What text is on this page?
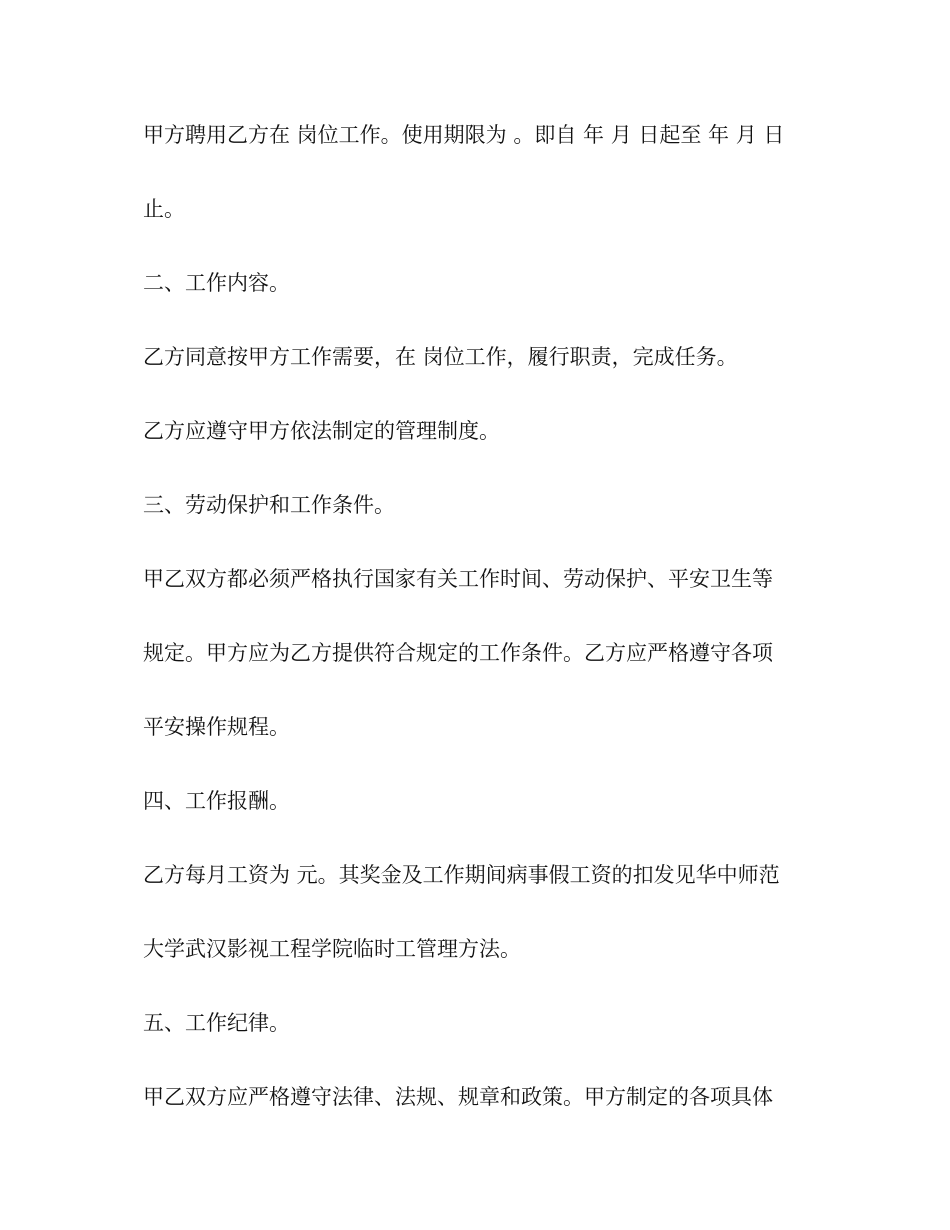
甲方聘用乙方在 岗位工作。使用期限为 。即自 年 月 日起至 年 月 日
止。
二、工作内容。
乙方同意按甲方工作需要，在 岗位工作，履行职责，完成任务。
乙方应遵守甲方依法制定的管理制度。
三、劳动保护和工作条件。
甲乙双方都必须严格执行国家有关工作时间、劳动保护、平安卫生等
规定。甲方应为乙方提供符合规定的工作条件。乙方应严格遵守各项
平安操作规程。
四、工作报酬。
乙方每月工资为 元。其奖金及工作期间病事假工资的扣发见华中师范
大学武汉影视工程学院临时工管理方法。
五、工作纪律。
甲乙双方应严格遵守法律、法规、规章和政策。甲方制定的各项具体
